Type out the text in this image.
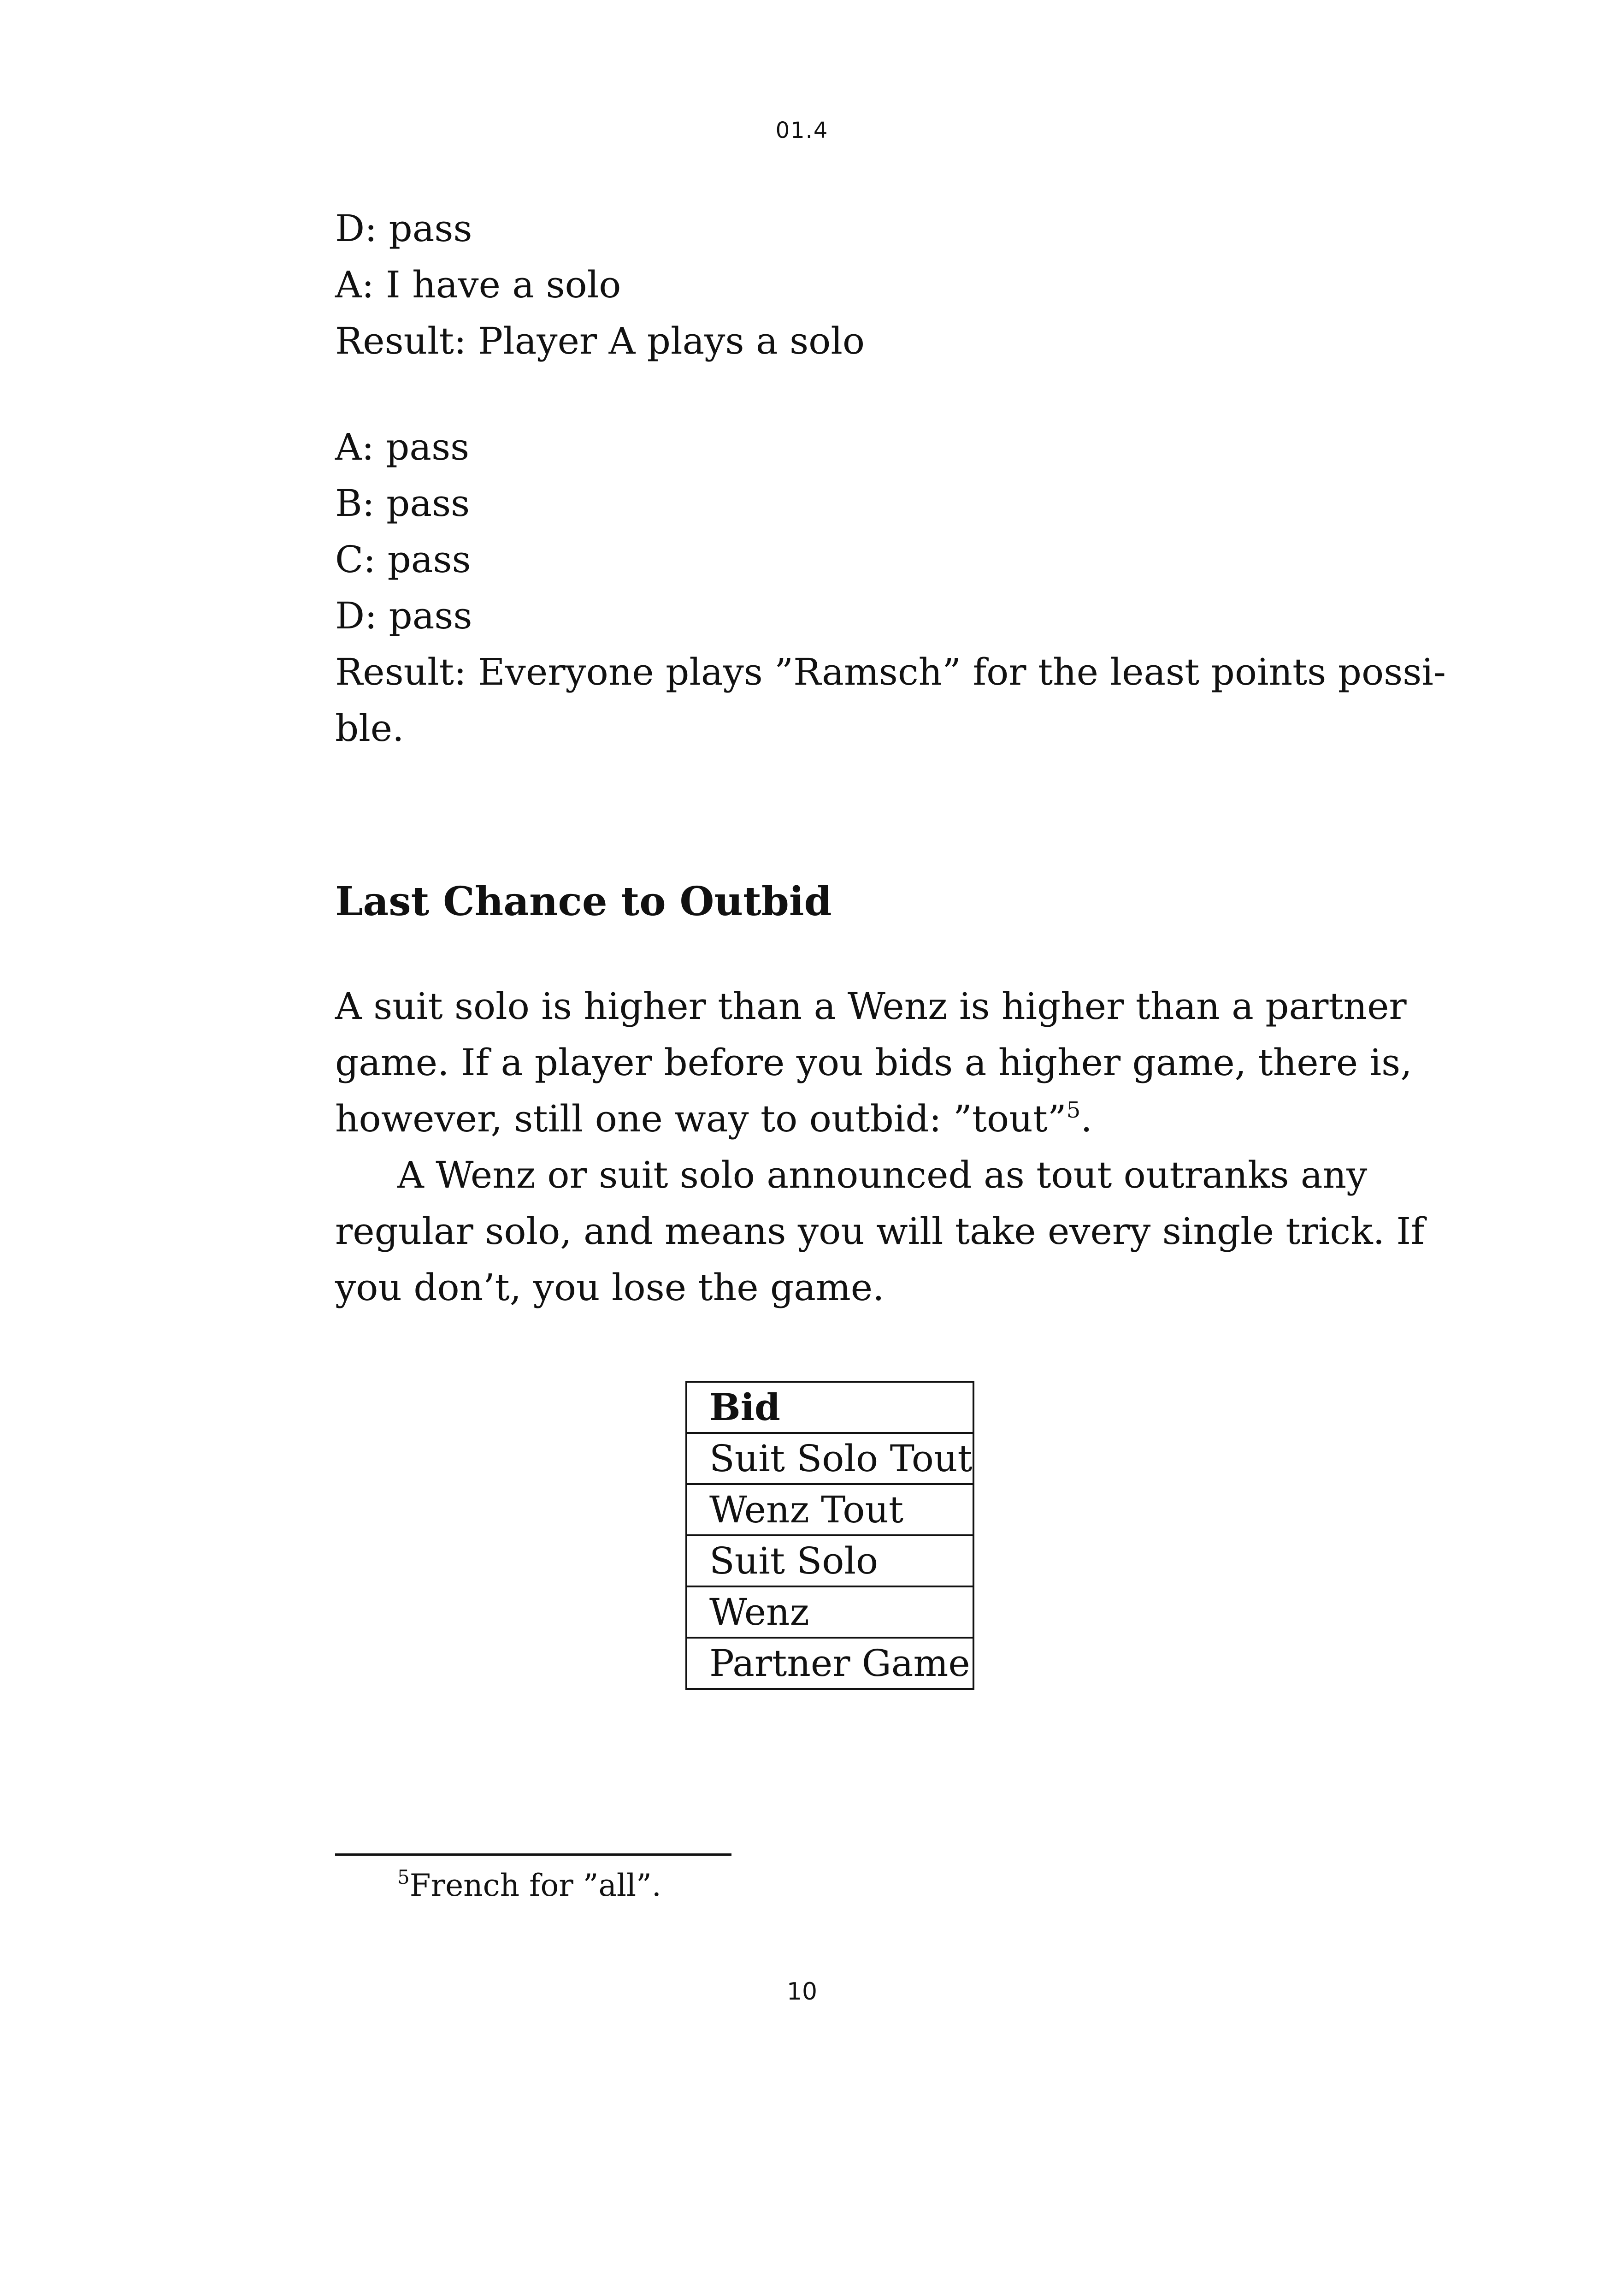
01.4
D: pass
A: I have a solo
Result: Player A plays a solo
A: pass
B: pass
C: pass
D: pass
Result: Everyone plays ”Ramsch” for the least points possi-
ble.
Last Chance to Outbid
A suit solo is higher than a Wenz is higher than a partner
game. If a player before you bids a higher game, there is,
however, still one way to outbid: ”tout”$^5$.
A Wenz or suit solo announced as tout outranks any
regular solo, and means you will take every single trick. If
you don’t, you lose the game.
Bid
Suit Solo Tout
Wenz Tout
Suit Solo
Wenz
Partner Game
$^5$French for ”all”.
10
